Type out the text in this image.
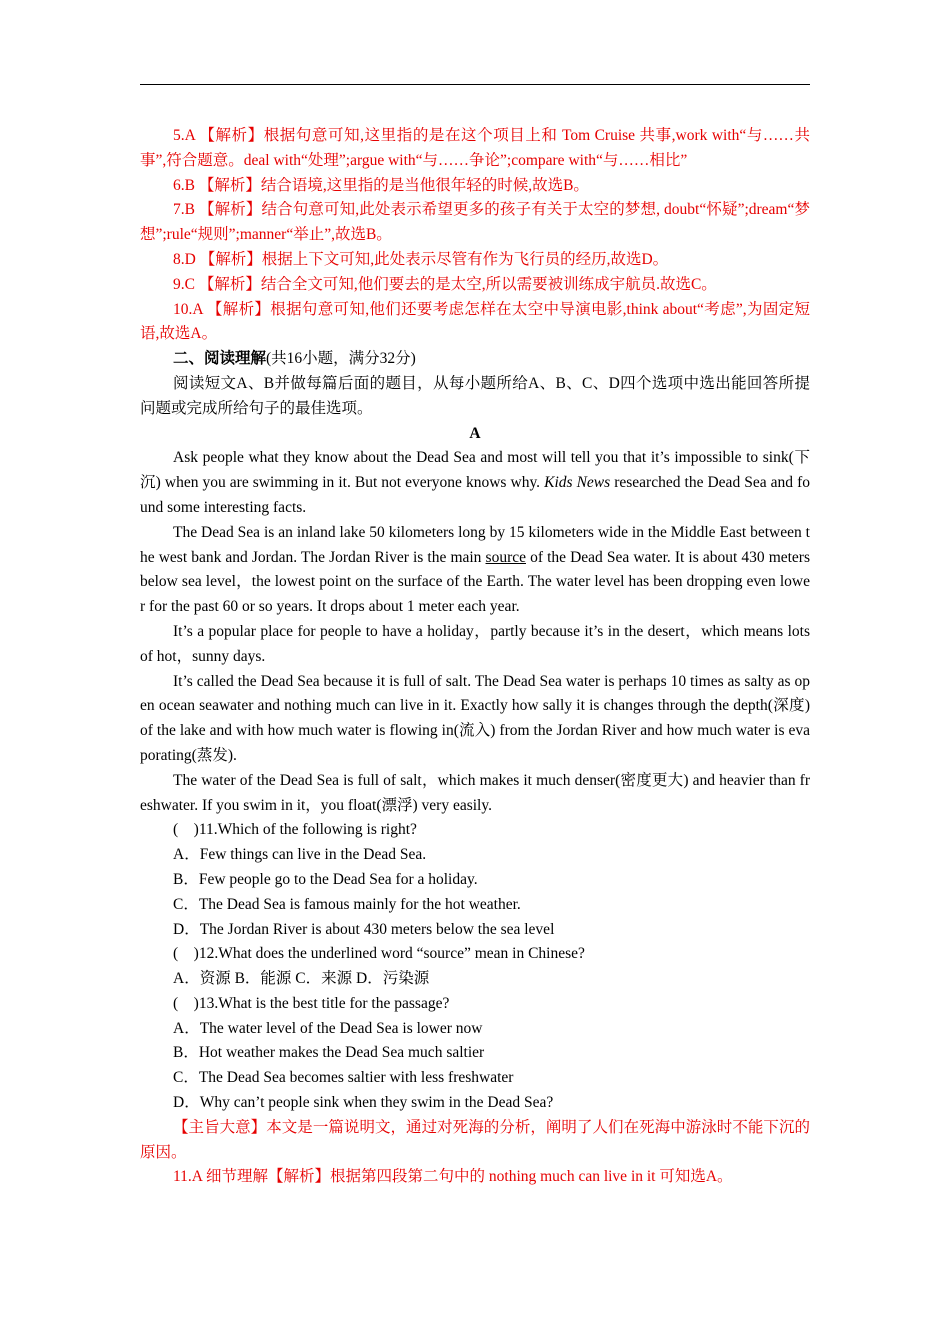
5.A 【解析】根据句意可知,这里指的是在这个项目上和 Tom Cruise 共事,work with“与……共事”,符合题意。deal with“处理”;argue with“与……争论”;compare with“与……相比”

6.B 【解析】结合语境,这里指的是当他很年轻的时候,故选B。

7.B 【解析】结合句意可知,此处表示希望更多的孩子有关于太空的梦想, doubt“怀疑”;dream“梦想”;rule“规则”;manner“举止”,故选B。

8.D 【解析】根据上下文可知,此处表示尽管有作为飞行员的经历,故选D。

9.C 【解析】结合全文可知,他们要去的是太空,所以需要被训练成宇航员.故选C。

10.A 【解析】根据句意可知,他们还要考虑怎样在太空中导演电影,think about“考虑”,为固定短语,故选A。

二、阅读理解(共16小题，满分32分)

阅读短文A、B并做每篇后面的题目，从每小题所给A、B、C、D四个选项中选出能回答所提问题或完成所给句子的最佳选项。

A

Ask people what they know about the Dead Sea and most will tell you that it’s impossible to sink(下沉) when you are swimming in it. But not everyone knows why. Kids News researched the Dead Sea and found some interesting facts.

The Dead Sea is an inland lake 50 kilometers long by 15 kilometers wide in the Middle East between the west bank and Jordan. The Jordan River is the main source of the Dead Sea water. It is about 430 meters below sea level，the lowest point on the surface of the Earth. The water level has been dropping even lower for the past 60 or so years. It drops about 1 meter each year.

It’s a popular place for people to have a holiday，partly because it’s in the desert，which means lots of hot，sunny days.

It’s called the Dead Sea because it is full of salt. The Dead Sea water is perhaps 10 times as salty as open ocean seawater and nothing much can live in it. Exactly how sally it is changes through the depth(深度) of the lake and with how much water is flowing in(流入) from the Jordan River and how much water is evaporating(蒸发).

The water of the Dead Sea is full of salt，which makes it much denser(密度更大) and heavier than freshwater. If you swim in it，you float(漂浮) very easily.

(　)11.Which of the following is right?

A．Few things can live in the Dead Sea.

B．Few people go to the Dead Sea for a holiday.

C．The Dead Sea is famous mainly for the hot weather.

D．The Jordan River is about 430 meters below the sea level

(　)12.What does the underlined word “source” mean in Chinese?

A．资源 B．能源 C．来源 D．污染源

(　)13.What is the best title for the passage?

A．The water level of the Dead Sea is lower now

B．Hot weather makes the Dead Sea much saltier

C．The Dead Sea becomes saltier with less freshwater

D．Why can’t people sink when they swim in the Dead Sea?

【主旨大意】本文是一篇说明文，通过对死海的分析，阐明了人们在死海中游泳时不能下沉的原因。

11.A 细节理解【解析】根据第四段第二句中的 nothing much can live in it 可知选A。
